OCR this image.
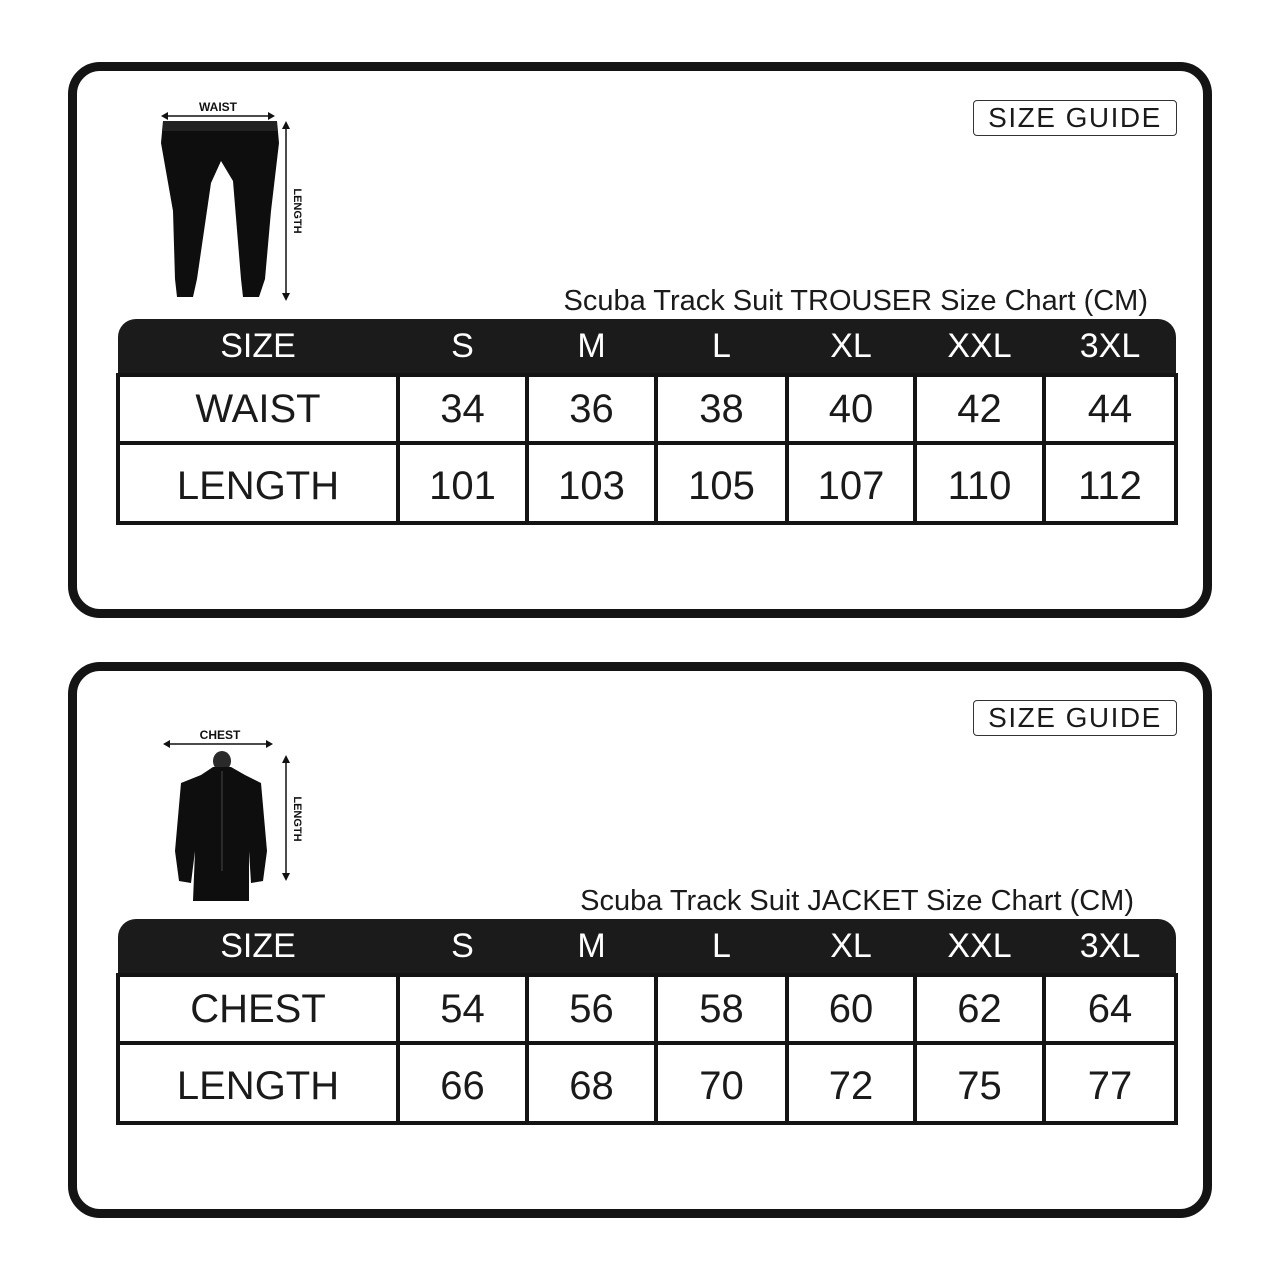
WAIST
LENGTH
SIZE GUIDE
Scuba Track Suit TROUSER Size Chart (CM)
SIZE	S	M	L	XL	XXL	3XL
WAIST	34	36	38	40	42	44
LENGTH	101	103	105	107	110	112
CHEST
LENGTH
SIZE GUIDE
Scuba Track Suit JACKET Size Chart (CM)
SIZE	S	M	L	XL	XXL	3XL
CHEST	54	56	58	60	62	64
LENGTH	66	68	70	72	75	77
